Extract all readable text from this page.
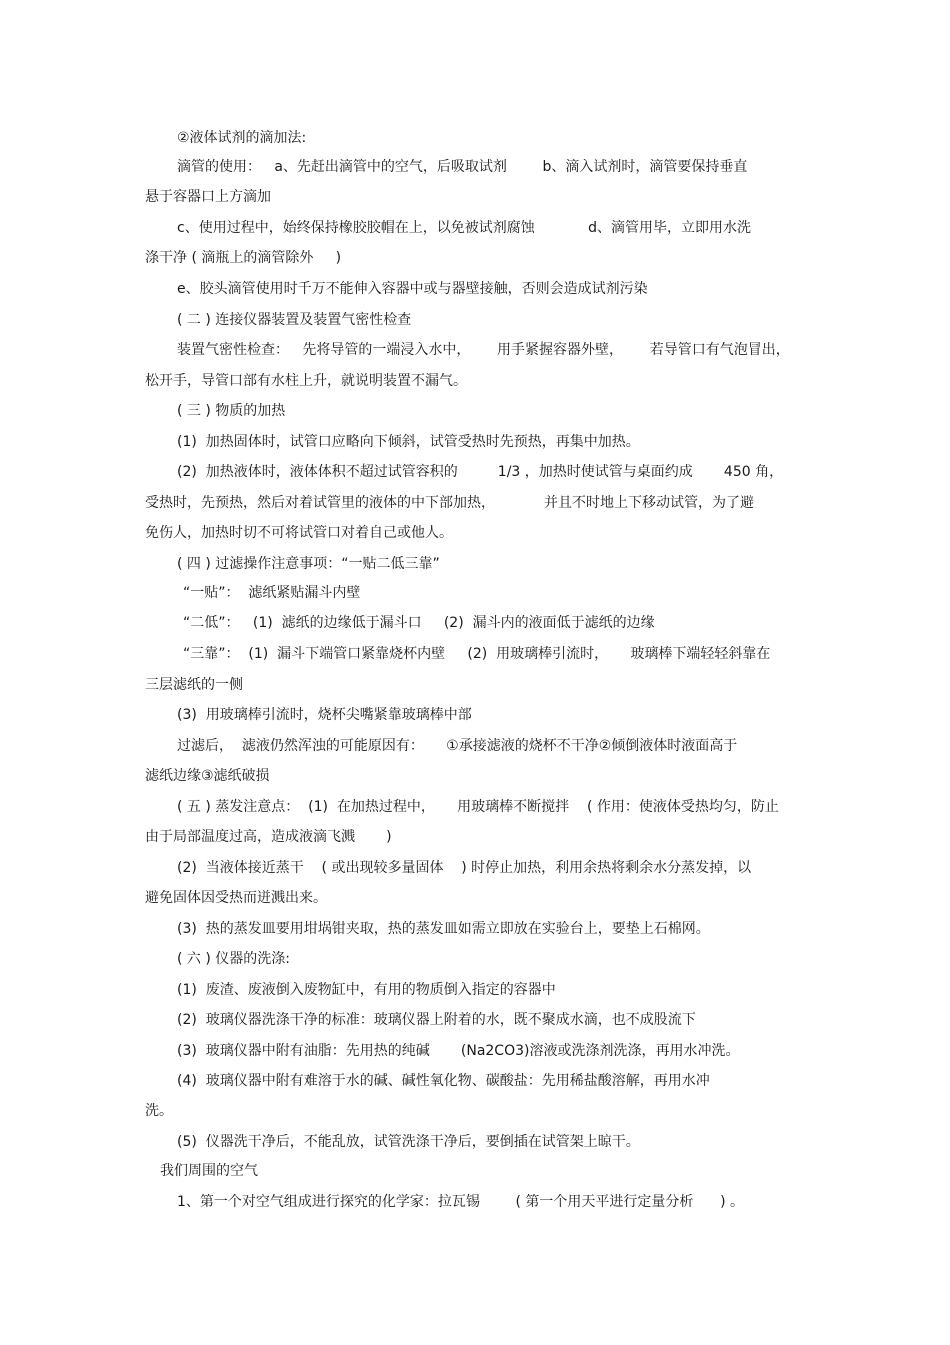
②液体试剂的滴加法:
滴管的使用：   a、先赶出滴管中的空气，后吸取试剂        b、滴入试剂时，滴管要保持垂直
悬于容器口上方滴加
c、使用过程中，始终保持橡胶胶帽在上，以免被试剂腐蚀            d、滴管用毕，立即用水洗
涤干净 ( 滴瓶上的滴管除外     )
e、胶头滴管使用时千万不能伸入容器中或与器壁接触，否则会造成试剂污染
( 二 ) 连接仪器装置及装置气密性检查
装置气密性检查：   先将导管的一端浸入水中，      用手紧握容器外壁，      若导管口有气泡冒出，
松开手，导管口部有水柱上升，就说明装置不漏气。
( 三 ) 物质的加热
(1)  加热固体时，试管口应略向下倾斜，试管受热时先预热，再集中加热。
(2)  加热液体时，液体体积不超过试管容积的         1/3 ，加热时使试管与桌面约成       450 角，
受热时，先预热，然后对着试管里的液体的中下部加热，           并且不时地上下移动试管，为了避
免伤人，加热时切不可将试管口对着自己或他人。
( 四 ) 过滤操作注意事项：“一贴二低三靠”
“一贴”：  滤纸紧贴漏斗内壁
“二低”：   (1)  滤纸的边缘低于漏斗口     (2)  漏斗内的液面低于滤纸的边缘
“三靠”：  (1)  漏斗下端管口紧靠烧杯内壁     (2)  用玻璃棒引流时，     玻璃棒下端轻轻斜靠在
三层滤纸的一侧
(3)  用玻璃棒引流时，烧杯尖嘴紧靠玻璃棒中部
过滤后，  滤液仍然浑浊的可能原因有：     ①承接滤液的烧杯不干净②倾倒液体时液面高于
滤纸边缘③滤纸破损
( 五 ) 蒸发注意点：  (1)  在加热过程中，     用玻璃棒不断搅拌    ( 作用：使液体受热均匀，防止
由于局部温度过高，造成液滴飞溅       )
(2)  当液体接近蒸干    ( 或出现较多量固体    ) 时停止加热，利用余热将剩余水分蒸发掉，以
避免固体因受热而迸溅出来。
(3)  热的蒸发皿要用坩埚钳夹取，热的蒸发皿如需立即放在实验台上，要垫上石棉网。
( 六 ) 仪器的洗涤:
(1)  废渣、废液倒入废物缸中，有用的物质倒入指定的容器中
(2)  玻璃仪器洗涤干净的标准：玻璃仪器上附着的水，既不聚成水滴，也不成股流下
(3)  玻璃仪器中附有油脂：先用热的纯碱       (Na2CO3)溶液或洗涤剂洗涤，再用水冲洗。
(4)  玻璃仪器中附有难溶于水的碱、碱性氧化物、碳酸盐：先用稀盐酸溶解，再用水冲
洗。
(5)  仪器洗干净后，不能乱放，试管洗涤干净后，要倒插在试管架上晾干。
我们周围的空气
1、第一个对空气组成进行探究的化学家：拉瓦锡        ( 第一个用天平进行定量分析      ) 。
